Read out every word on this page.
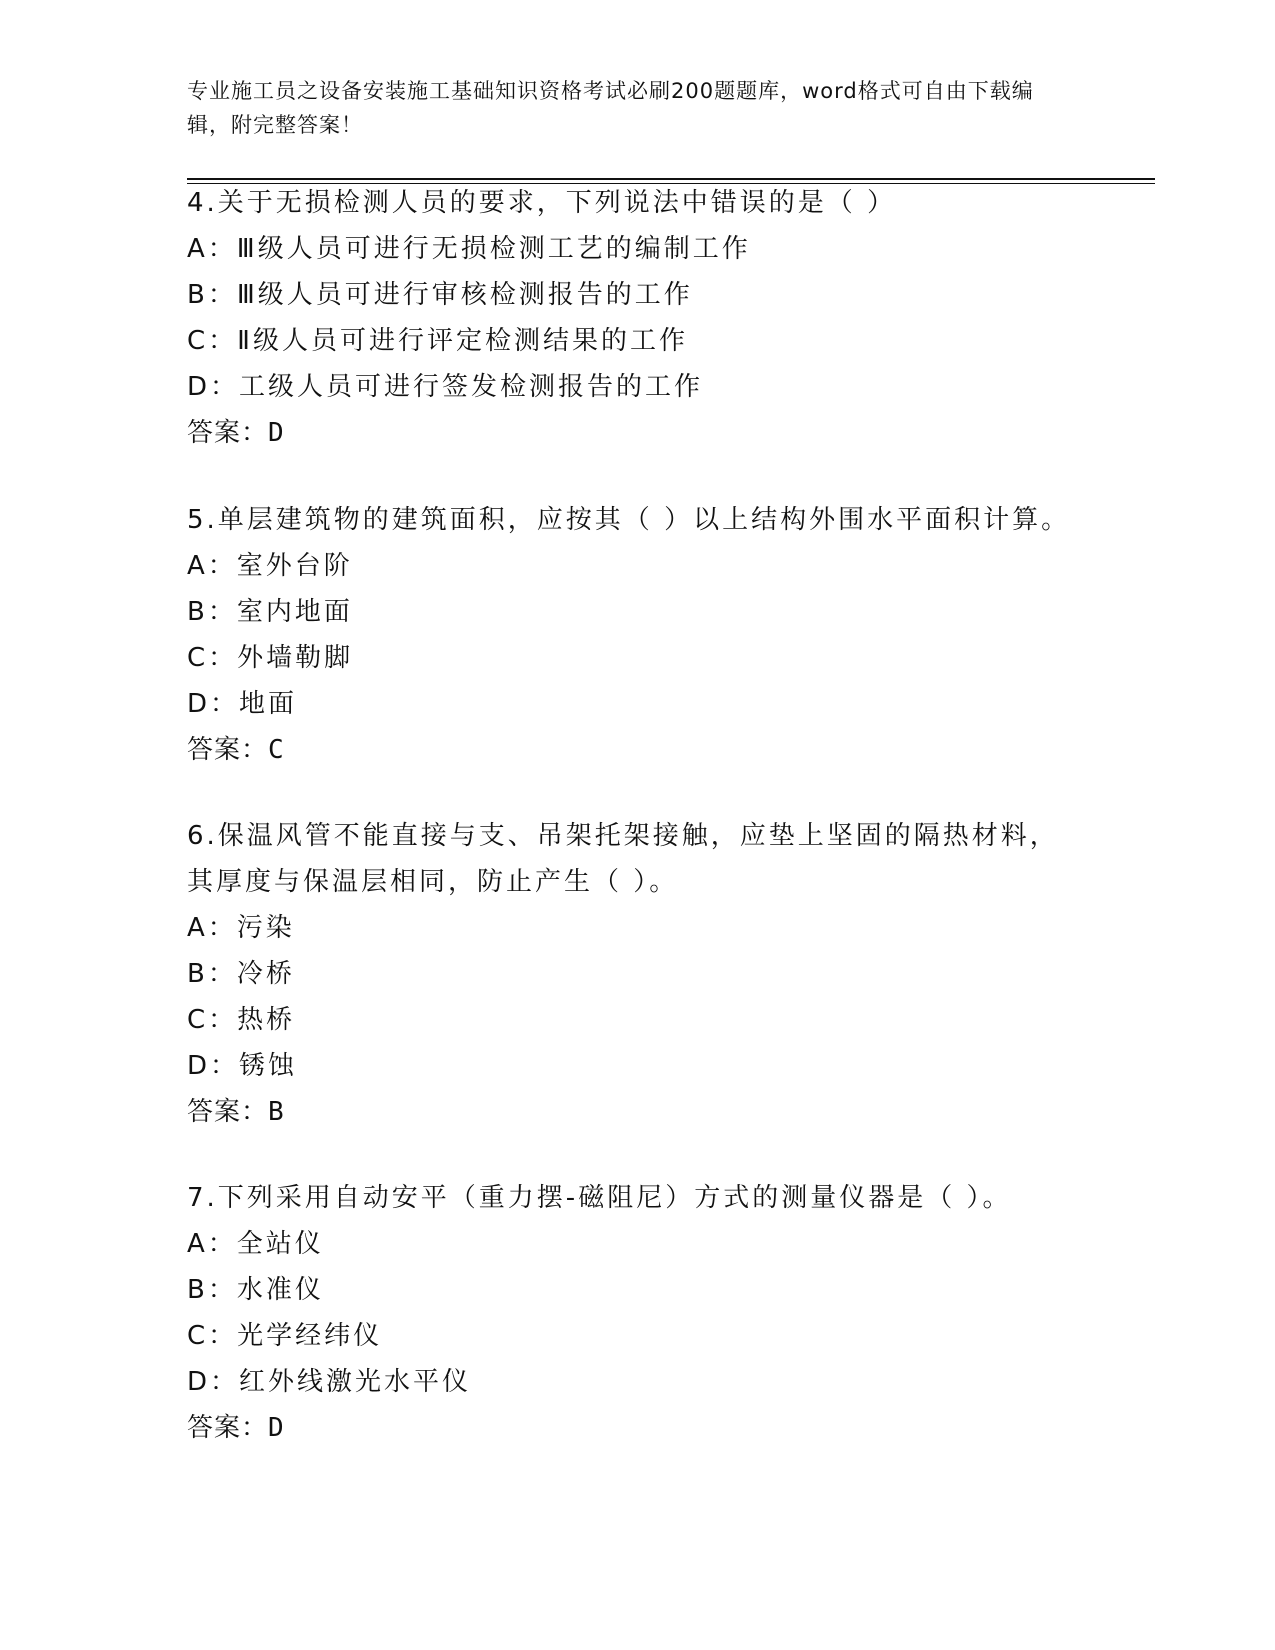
专业施工员之设备安装施工基础知识资格考试必刷200题题库，word格式可自由下载编辑，附完整答案！

4.关于无损检测人员的要求，下列说法中错误的是（ ）

A：Ⅲ级人员可进行无损检测工艺的编制工作
B：Ⅲ级人员可进行审核检测报告的工作
C：Ⅱ级人员可进行评定检测结果的工作
D：工级人员可进行签发检测报告的工作
答案：D

5.单层建筑物的建筑面积，应按其（ ）以上结构外围水平面积计算。

A：室外台阶
B：室内地面
C：外墙勒脚
D：地面
答案：C

6.保温风管不能直接与支、吊架托架接触，应垫上坚固的隔热材料，其厚度与保温层相同，防止产生（ ）。

A：污染
B：冷桥
C：热桥
D：锈蚀
答案：B

7.下列采用自动安平（重力摆-磁阻尼）方式的测量仪器是（ ）。

A：全站仪
B：水准仪
C：光学经纬仪
D：红外线激光水平仪
答案：D
